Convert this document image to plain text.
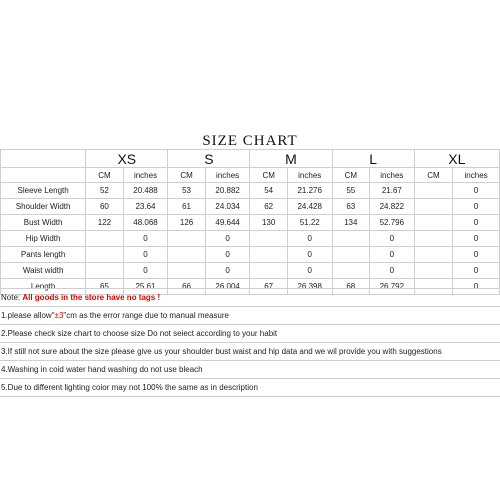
SIZE CHART
	XS		S		M		L		XL	
	CM	inches	CM	inches	CM	inches	CM	inches	CM	inches
Sleeve Length	52	20.488	53	20.882	54	21.276	55	21.67		0
Shoulder Width	60	23.64	61	24.034	62	24.428	63	24.822		0
Bust Width	122	48.068	126	49.644	130	51.22	134	52.796		0
Hip Width		0		0		0		0		0
Pants length		0		0		0		0		0
Waist width		0		0		0		0		0
Length	65	25.61	66	26.004	67	26.398	68	26.792		0
Note: All goods in the store have no tags !
1.please allow"±3"cm as the error range due to manual measure
2.Please check size chart to choose size Do not seiect according to your habit
3.If still not sure about the size please give us your shoulder bust waist and hip data and we wil provide you with suggestions
4.Washing in coid water hand washing do not use bleach
5.Due to different lighting coior may not 100% the same as in description
